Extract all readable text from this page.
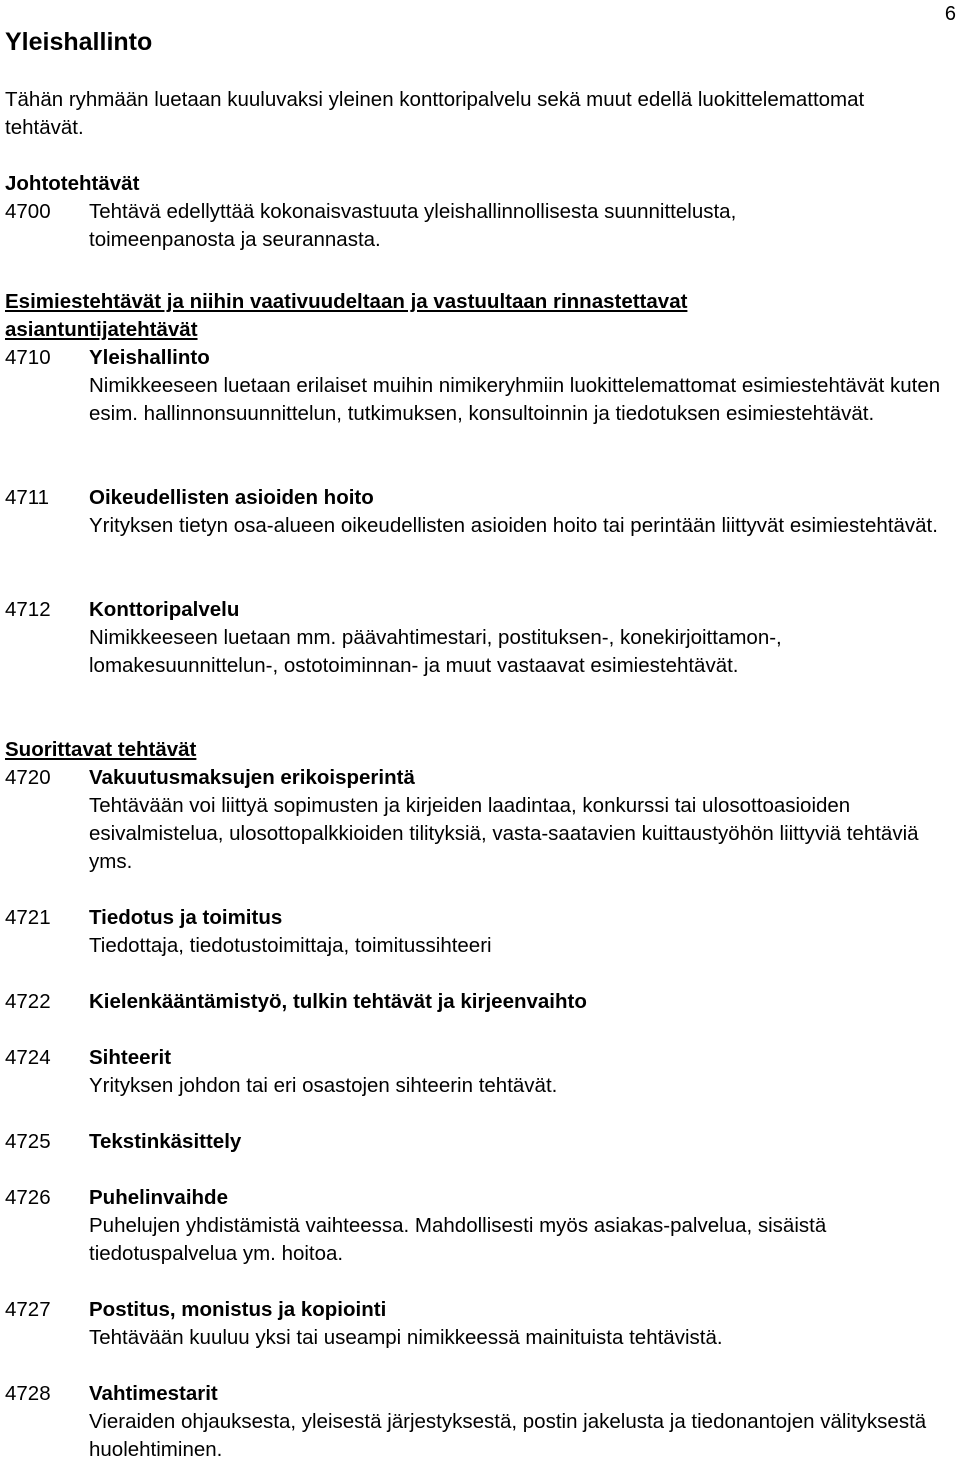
6
Yleishallinto

Tähän ryhmään luetaan kuuluvaksi yleinen konttoripalvelu sekä muut edellä luokittelemattomat tehtävät.

Johtotehtävät
4700	Tehtävä edellyttää kokonaisvastuuta yleishallinnollisesta suunnittelusta, toimeenpanosta ja seurannasta.
Esimiestehtävät ja niihin vaativuudeltaan ja vastuultaan rinnastettavat asiantuntijatehtävät
4710	Yleishallinto
Nimikkeeseen luetaan erilaiset muihin nimikeryhmiin luokittelemattomat esimiestehtävät kuten esim. hallinnonsuunnittelun, tutkimuksen, konsultoinnin ja tiedotuksen esimiestehtävät.
4711	Oikeudellisten asioiden hoito
Yrityksen tietyn osa-alueen oikeudellisten asioiden hoito tai perintään liittyvät esimiestehtävät.
4712	Konttoripalvelu
Nimikkeeseen luetaan mm. päävahtimestari, postituksen-, konekirjoittamon-, lomakesuunnittelun-, ostotoiminnan- ja muut vastaavat esimiestehtävät.
Suorittavat tehtävät
4720	Vakuutusmaksujen erikoisperintä
Tehtävään voi liittyä sopimusten ja kirjeiden laadintaa, konkurssi tai ulosottoasioiden esivalmistelua, ulosottopalkkioiden tilityksiä, vasta-saatavien kuittaustyöhön liittyviä tehtäviä yms.
4721	Tiedotus ja toimitus
Tiedottaja, tiedotustoimittaja, toimitussihteeri
4722	Kielenkääntämistyö, tulkin tehtävät ja kirjeenvaihto
4724	Sihteerit
Yrityksen johdon tai eri osastojen sihteerin tehtävät.
4725	Tekstinkäsittely
4726	Puhelinvaihde
Puhelujen yhdistämistä vaihteessa. Mahdollisesti myös asiakas-palvelua, sisäistä tiedotuspalvelua ym. hoitoa.
4727	Postitus, monistus ja kopiointi
Tehtävään kuuluu yksi tai useampi nimikkeessä mainituista tehtävistä.
4728	Vahtimestarit
Vieraiden ohjauksesta, yleisestä järjestyksestä, postin jakelusta ja tiedonantojen välityksestä huolehtiminen.
